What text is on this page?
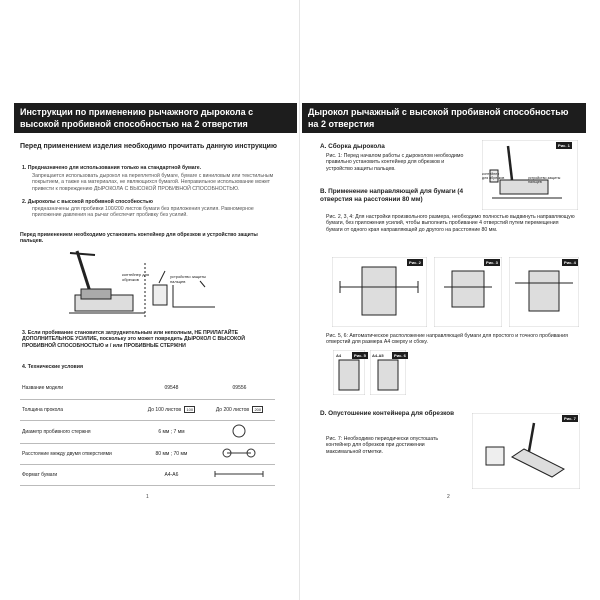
Инструкции по применению рычажного дырокола с высокой пробивной способностью на 2 отверстия
Перед применением изделия необходимо прочитать данную инструкцию
1. Предназначено для использования только на стандартной бумаге.
Запрещается использовать дырокол на переплетной бумаге, бумаге с виниловым или текстильным покрытием, а также на материалах, не являющихся бумагой. Неправильное использование может привести к повреждению ДЫРОКОЛА С ВЫСОКОЙ ПРОБИВНОЙ СПОСОБНОСТЬЮ.
2. Дыроколы с высокой пробивной способностью
предназначены для пробивки 100/200 листов бумаги без приложения усилия. Равномерное приложение давления на рычаг обеспечит пробивку без усилий.
Перед применением необходимо установить контейнер для обрезков и устройство защиты пальцев.
контейнер для обрезков
устройство защиты пальцев
3. Если пробивание становится затруднительным или неполным, НЕ ПРИЛАГАЙТЕ ДОПОЛНИТЕЛЬНОЕ УСИЛИЕ, поскольку это может повредить ДЫРОКОЛ С ВЫСОКОЙ ПРОБИВНОЙ СПОСОБНОСТЬЮ и / или ПРОБИВНЫЕ СТЕРЖНИ
4. Технические условия
Название модели	09548	09556
Толщина прокола	До 100 листов 100	До 200 листов 200
Диаметр пробивного стержня	6 мм ; 7 мм	
Расстояние между двумя отверстиями	80 мм ; 70 мм	
Формат бумаги	A4-A6	
1
Дырокол рычажный с высокой пробивной способностью на 2 отверстия
A. Сборка дырокола
Рис. 1: Перед началом работы с дыроколом необходимо правильно установить контейнер для обрезков и устройство защиты пальцев.
Рис. 1
контейнер для обрезков	устройство защиты пальцев
B. Применение направляющей для бумаги (4 отверстия на расстоянии 80 мм)
Рис. 2, 3, 4: Для настройки произвольного размера, необходимо полностью выдвинуть направляющую бумаги, без приложения усилий, чтобы выполнить пробивание 4 отверстий путем перемещения бумаги от одного края направляющей до другого на расстояние 80 мм.
Рис. 2	Рис. 3	Рис. 4
Рис. 5, 6: Автоматическое расположение направляющей бумаги для простого и точного пробивания отверстий для размера А4 сверху и сбоку.
Рис. 5
A4	Рис. 6
A4-A5
D. Опустошение контейнера для обрезков
Рис. 7: Необходимо периодически опустошать контейнер для обрезков при достижении максимальной отметки.
Рис. 7
2
